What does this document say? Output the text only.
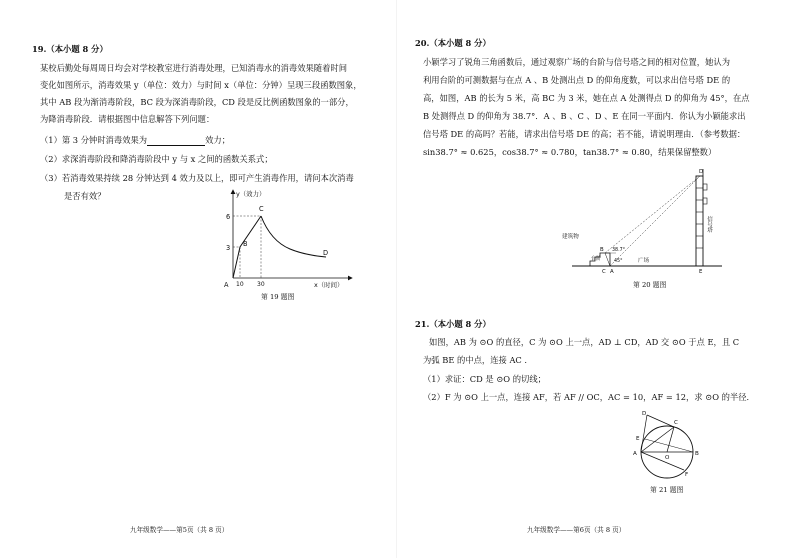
19.（本小题 8 分）
某校后勤处每周周日均会对学校教室进行消毒处理，已知消毒水的消毒效果随着时间
变化如图所示，消毒效果 y（单位：效力）与时间 x（单位：分钟）呈现三段函数图象，
其中 AB 段为渐消毒阶段，BC 段为深消毒阶段，CD 段是反比例函数图象的一部分，
为降消毒阶段．请根据图中信息解答下列问题：
（1）第 3 分钟时消毒效果为	效力；
（2）求深消毒阶段和降消毒阶段中 y 与 x 之间的函数关系式；
（3）若消毒效果持续 28 分钟达到 4 效力及以上，即可产生消毒作用，请问本次消毒
是否有效？	y（效力）
6
3
A 10 30
B
C
D
x（时间）
第 19 题图
九年级数学——第5页（共 8 页）
20.（本小题 8 分）
小颖学习了锐角三角函数后，通过观察广场的台阶与信号塔之间的相对位置，她认为
利用台阶的可测数据与在点 A 、B 处测出点 D 的仰角度数，可以求出信号塔 DE 的
高，如图，AB 的长为 5 米，高 BC 为 3 米，她在点 A 处测得点 D 的仰角为 45°，在点
B 处测得点 D 的仰角为 38.7°．A 、B 、C 、D 、E 在同一平面内．你认为小颖能求出
信号塔 DE 的高吗？若能，请求出信号塔 DE 的高；若不能，请说明理由．（参考数据：
sin38.7° ≈ 0.625，cos38.7° ≈ 0.780，tan38.7° ≈ 0.80，结果保留整数）
建筑物
台阶	广场
信号塔
38.7°
45°
A
B
C
D
E
第 20 题图
21.（本小题 8 分）
如图，AB 为 ⊙O 的直径，C 为 ⊙O 上一点，AD ⊥ CD，AD 交 ⊙O 于点 E，且 C
为弧 BE 的中点，连接 AC .
（1）求证：CD 是 ⊙O 的切线；
（2）F 为 ⊙O 上一点，连接 AF，若 AF // OC，AC = 10，AF = 12，求 ⊙O 的半径．
D
C
E
A
O
B
F
第 21 题图
九年级数学——第6页（共 8 页）
